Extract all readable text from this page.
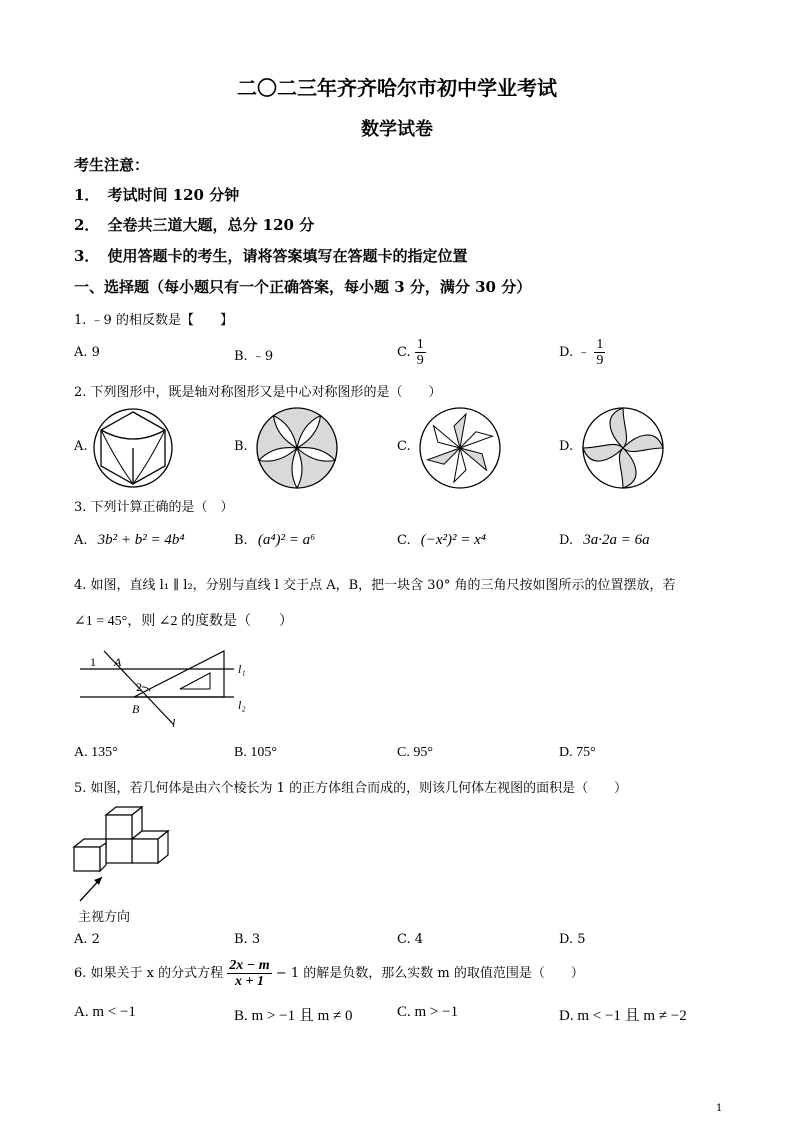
二〇二三年齐齐哈尔市初中学业考试
数学试卷
考生注意：
1． 考试时间 120 分钟
2． 全卷共三道大题，总分 120 分
3． 使用答题卡的考生，请将答案填写在答题卡的指定位置
一、选择题（每小题只有一个正确答案，每小题 3 分，满分 30 分）
1. ﹣9 的相反数是【　　】
A. 9	B. ﹣9	C. $\frac{1}{9}$	D. ﹣ $\frac{1}{9}$
2. 下列图形中，既是轴对称图形又是中心对称图形的是（　　）
A.	B.	C.	D.
3. 下列计算正确的是（　）
A. 3b² + b² = 4b⁴	B. (a⁴)² = a⁶	C. (−x²)² = x⁴	D. 3a·2a = 6a
4. 如图，直线 l₁ ∥ l₂，分别与直线 l 交于点 A，B，把一块含 30° 角的三角尺按如图所示的位置摆放，若
∠1 = 45°，则 ∠2 的度数是（　　）
1 A
2
B
l
l₁
l₂
A. 135°	B. 105°	C. 95°	D. 75°
5. 如图，若几何体是由六个棱长为 1 的正方体组合而成的，则该几何体左视图的面积是（　　）
主视方向
A. 2	B. 3	C. 4	D. 5
6. 如果关于 x 的分式方程 $\frac{2x - m}{x + 1} - 1$ 的解是负数，那么实数 m 的取值范围是（　　）
A. m < −1	B. m > −1 且 m ≠ 0	C. m > −1	D. m < −1 且 m ≠ −2
1
